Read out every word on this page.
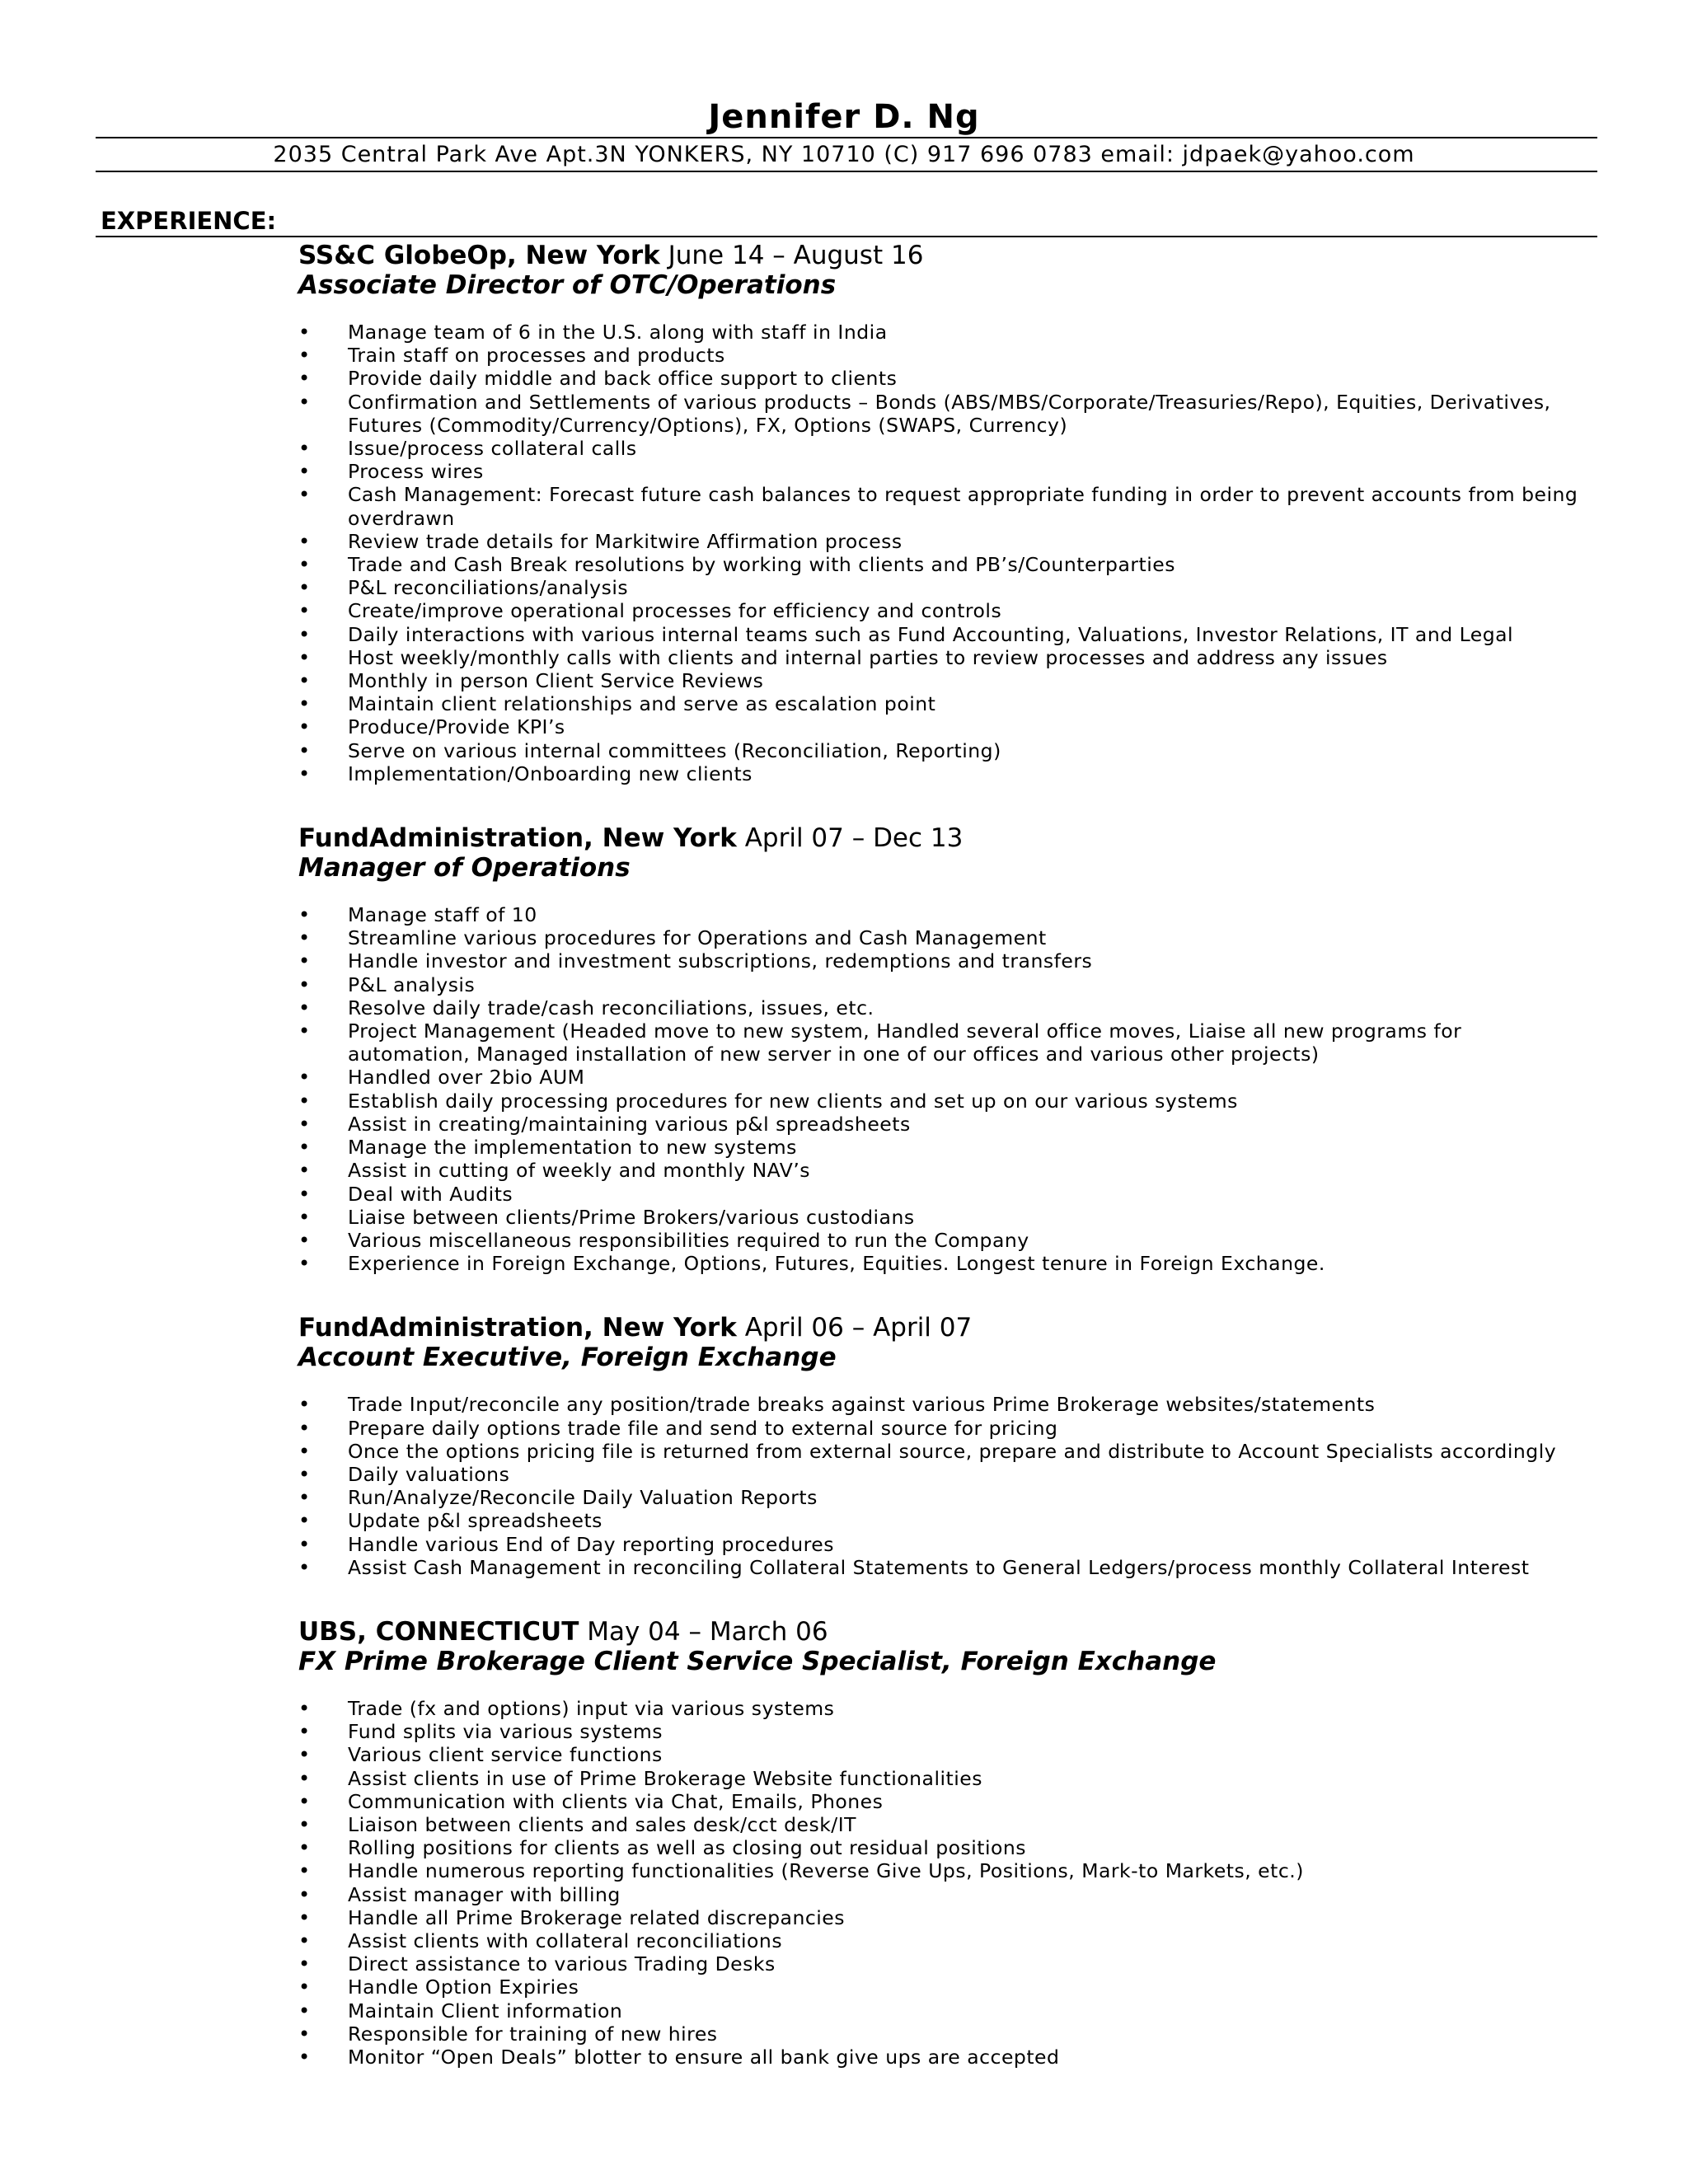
Jennifer D. Ng
2035 Central Park Ave Apt.3N YONKERS, NY 10710 (C) 917 696 0783 email: jdpaek@yahoo.com
EXPERIENCE:
SS&C GlobeOp, New York June 14 – August 16
Associate Director of OTC/Operations
• Manage team of 6 in the U.S. along with staff in India
• Train staff on processes and products
• Provide daily middle and back office support to clients
• Confirmation and Settlements of various products – Bonds (ABS/MBS/Corporate/Treasuries/Repo), Equities, Derivatives, Futures (Commodity/Currency/Options), FX, Options (SWAPS, Currency)
• Issue/process collateral calls
• Process wires
• Cash Management: Forecast future cash balances to request appropriate funding in order to prevent accounts from being overdrawn
• Review trade details for Markitwire Affirmation process
• Trade and Cash Break resolutions by working with clients and PB’s/Counterparties
• P&L reconciliations/analysis
• Create/improve operational processes for efficiency and controls
• Daily interactions with various internal teams such as Fund Accounting, Valuations, Investor Relations, IT and Legal
• Host weekly/monthly calls with clients and internal parties to review processes and address any issues
• Monthly in person Client Service Reviews
• Maintain client relationships and serve as escalation point
• Produce/Provide KPI’s
• Serve on various internal committees (Reconciliation, Reporting)
• Implementation/Onboarding new clients
FundAdministration, New York April 07 – Dec 13
Manager of Operations
• Manage staff of 10
• Streamline various procedures for Operations and Cash Management
• Handle investor and investment subscriptions, redemptions and transfers
• P&L analysis
• Resolve daily trade/cash reconciliations, issues, etc.
• Project Management (Headed move to new system, Handled several office moves, Liaise all new programs for automation, Managed installation of new server in one of our offices and various other projects)
• Handled over 2bio AUM
• Establish daily processing procedures for new clients and set up on our various systems
• Assist in creating/maintaining various p&l spreadsheets
• Manage the implementation to new systems
• Assist in cutting of weekly and monthly NAV’s
• Deal with Audits
• Liaise between clients/Prime Brokers/various custodians
• Various miscellaneous responsibilities required to run the Company
• Experience in Foreign Exchange, Options, Futures, Equities. Longest tenure in Foreign Exchange.
FundAdministration, New York April 06 – April 07
Account Executive, Foreign Exchange
• Trade Input/reconcile any position/trade breaks against various Prime Brokerage websites/statements
• Prepare daily options trade file and send to external source for pricing
• Once the options pricing file is returned from external source, prepare and distribute to Account Specialists accordingly
• Daily valuations
• Run/Analyze/Reconcile Daily Valuation Reports
• Update p&l spreadsheets
• Handle various End of Day reporting procedures
• Assist Cash Management in reconciling Collateral Statements to General Ledgers/process monthly Collateral Interest
UBS, CONNECTICUT May 04 – March 06
FX Prime Brokerage Client Service Specialist, Foreign Exchange
• Trade (fx and options) input via various systems
• Fund splits via various systems
• Various client service functions
• Assist clients in use of Prime Brokerage Website functionalities
• Communication with clients via Chat, Emails, Phones
• Liaison between clients and sales desk/cct desk/IT
• Rolling positions for clients as well as closing out residual positions
• Handle numerous reporting functionalities (Reverse Give Ups, Positions, Mark-to Markets, etc.)
• Assist manager with billing
• Handle all Prime Brokerage related discrepancies
• Assist clients with collateral reconciliations
• Direct assistance to various Trading Desks
• Handle Option Expiries
• Maintain Client information
• Responsible for training of new hires
• Monitor “Open Deals” blotter to ensure all bank give ups are accepted
